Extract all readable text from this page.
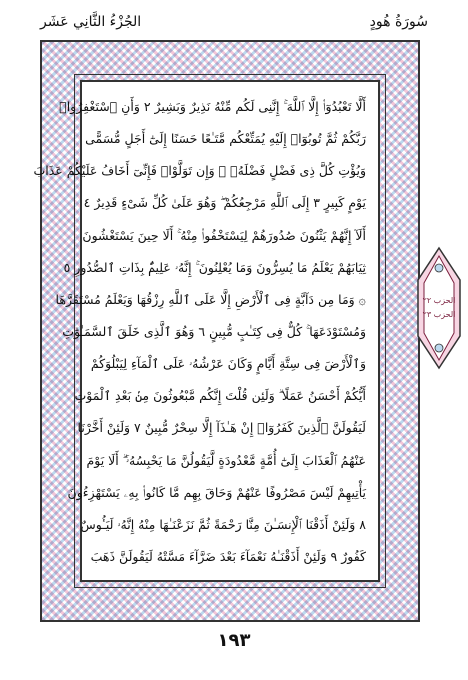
الجُزْءُ الثَّانِي عَشَر	سُورَةُ هُودٍ
أَلَّا تَعْبُدُوٓا۟ إِلَّا ٱللَّهَ ۚ إِنَّنِى لَكُم مِّنْهُ نَذِيرٌ وَبَشِيرٌ ٢ وَأَنِ ٱسْتَغْفِرُوا۟
رَبَّكُمْ ثُمَّ تُوبُوٓا۟ إِلَيْهِ يُمَتِّعْكُم مَّتَـٰعًا حَسَنًا إِلَىٰٓ أَجَلٍ مُّسَمًّى
وَيُؤْتِ كُلَّ ذِى فَضْلٍ فَضْلَهُۥ ۖ وَإِن تَوَلَّوْا۟ فَإِنِّىٓ أَخَافُ عَلَيْكُمْ عَذَابَ
يَوْمٍ كَبِيرٍ ٣ إِلَى ٱللَّهِ مَرْجِعُكُمْ ۖ وَهُوَ عَلَىٰ كُلِّ شَىْءٍ قَدِيرٌ ٤
أَلَآ إِنَّهُمْ يَثْنُونَ صُدُورَهُمْ لِيَسْتَخْفُوا۟ مِنْهُ ۚ أَلَا حِينَ يَسْتَغْشُونَ
ثِيَابَهُمْ يَعْلَمُ مَا يُسِرُّونَ وَمَا يُعْلِنُونَ ۚ إِنَّهُۥ عَلِيمٌۢ بِذَاتِ ٱلصُّدُورِ ٥
۞ وَمَا مِن دَآبَّةٍ فِى ٱلْأَرْضِ إِلَّا عَلَى ٱللَّهِ رِزْقُهَا وَيَعْلَمُ مُسْتَقَرَّهَا
وَمُسْتَوْدَعَهَا ۚ كُلٌّ فِى كِتَـٰبٍ مُّبِينٍ ٦ وَهُوَ ٱلَّذِى خَلَقَ ٱلسَّمَـٰوَٰتِ
وَٱلْأَرْضَ فِى سِتَّةِ أَيَّامٍ وَكَانَ عَرْشُهُۥ عَلَى ٱلْمَآءِ لِيَبْلُوَكُمْ
أَيُّكُمْ أَحْسَنُ عَمَلًا ۗ وَلَئِن قُلْتَ إِنَّكُم مَّبْعُوثُونَ مِنۢ بَعْدِ ٱلْمَوْتِ
لَيَقُولَنَّ ٱلَّذِينَ كَفَرُوٓا۟ إِنْ هَـٰذَآ إِلَّا سِحْرٌ مُّبِينٌ ٧ وَلَئِنْ أَخَّرْنَا
عَنْهُمُ ٱلْعَذَابَ إِلَىٰٓ أُمَّةٍ مَّعْدُودَةٍ لَّيَقُولُنَّ مَا يَحْبِسُهُۥٓ ۗ أَلَا يَوْمَ
يَأْتِيهِمْ لَيْسَ مَصْرُوفًا عَنْهُمْ وَحَاقَ بِهِم مَّا كَانُوا۟ بِهِۦ يَسْتَهْزِءُونَ
٨ وَلَئِنْ أَذَقْنَا ٱلْإِنسَـٰنَ مِنَّا رَحْمَةً ثُمَّ نَزَعْنَـٰهَا مِنْهُ إِنَّهُۥ لَيَـُٔوسٌ
كَفُورٌ ٩ وَلَئِنْ أَذَقْنَـٰهُ نَعْمَآءَ بَعْدَ ضَرَّآءَ مَسَّتْهُ لَيَقُولَنَّ ذَهَبَ
الحزب ٢٢
الحزب ٢٣
١٩٣
